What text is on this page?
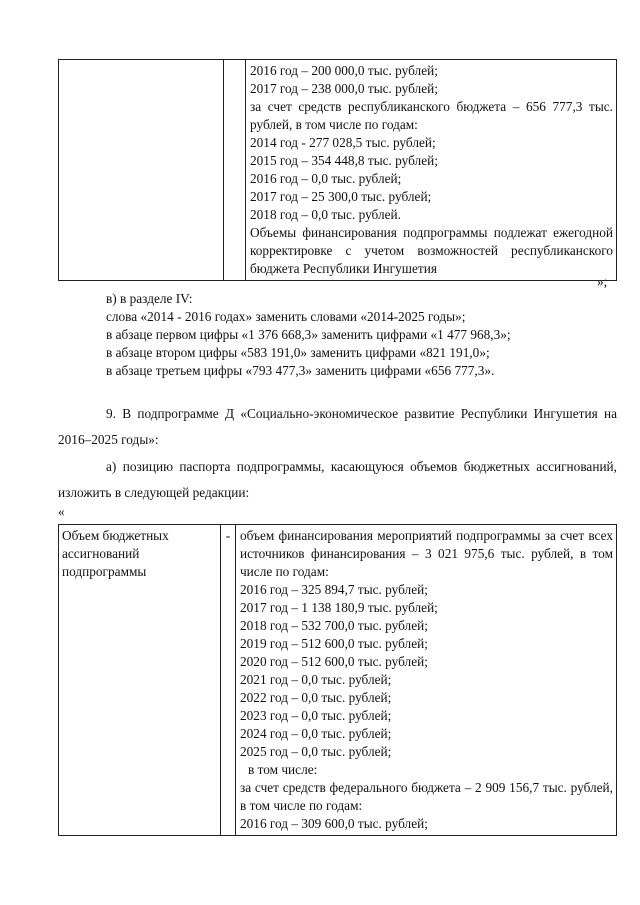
2016 год – 200 000,0 тыс. рублей;
2017 год – 238 000,0 тыс. рублей;
за счет средств республиканского бюджета – 656 777,3 тыс. рублей, в том числе по годам:
2014 год - 277 028,5 тыс. рублей;
2015 год – 354 448,8 тыс. рублей;
2016 год – 0,0 тыс. рублей;
2017 год – 25 300,0 тыс. рублей;
2018 год – 0,0 тыс. рублей.
Объемы финансирования подпрограммы подлежат ежегодной корректировке с учетом возможностей республиканского бюджета Республики Ингушетия
»;
в) в разделе IV:
слова «2014 - 2016 годах» заменить словами «2014-2025 годы»;
в абзаце первом цифры «1 376 668,3» заменить цифрами «1 477 968,3»;
в абзаце втором цифры «583 191,0» заменить цифрами «821 191,0»;
в абзаце третьем цифры «793 477,3» заменить цифрами «656 777,3».
9. В подпрограмме Д «Социально-экономическое развитие Республики Ингушетия на 2016–2025 годы»:
а) позицию паспорта подпрограммы, касающуюся объемов бюджетных ассигнований, изложить в следующей редакции:
«
Объем бюджетных ассигнований подпрограммы
	-	объем финансирования мероприятий подпрограммы за счет всех источников финансирования – 3 021 975,6 тыс. рублей, в том числе по годам:
2016 год – 325 894,7 тыс. рублей;
2017 год – 1 138 180,9 тыс. рублей;
2018 год – 532 700,0 тыс. рублей;
2019 год – 512 600,0 тыс. рублей;
2020 год – 512 600,0 тыс. рублей;
2021 год – 0,0 тыс. рублей;
2022 год – 0,0 тыс. рублей;
2023 год – 0,0 тыс. рублей;
2024 год – 0,0 тыс. рублей;
2025 год – 0,0 тыс. рублей;
в том числе:
за счет средств федерального бюджета – 2 909 156,7 тыс. рублей, в том числе по годам:
2016 год – 309 600,0 тыс. рублей;
